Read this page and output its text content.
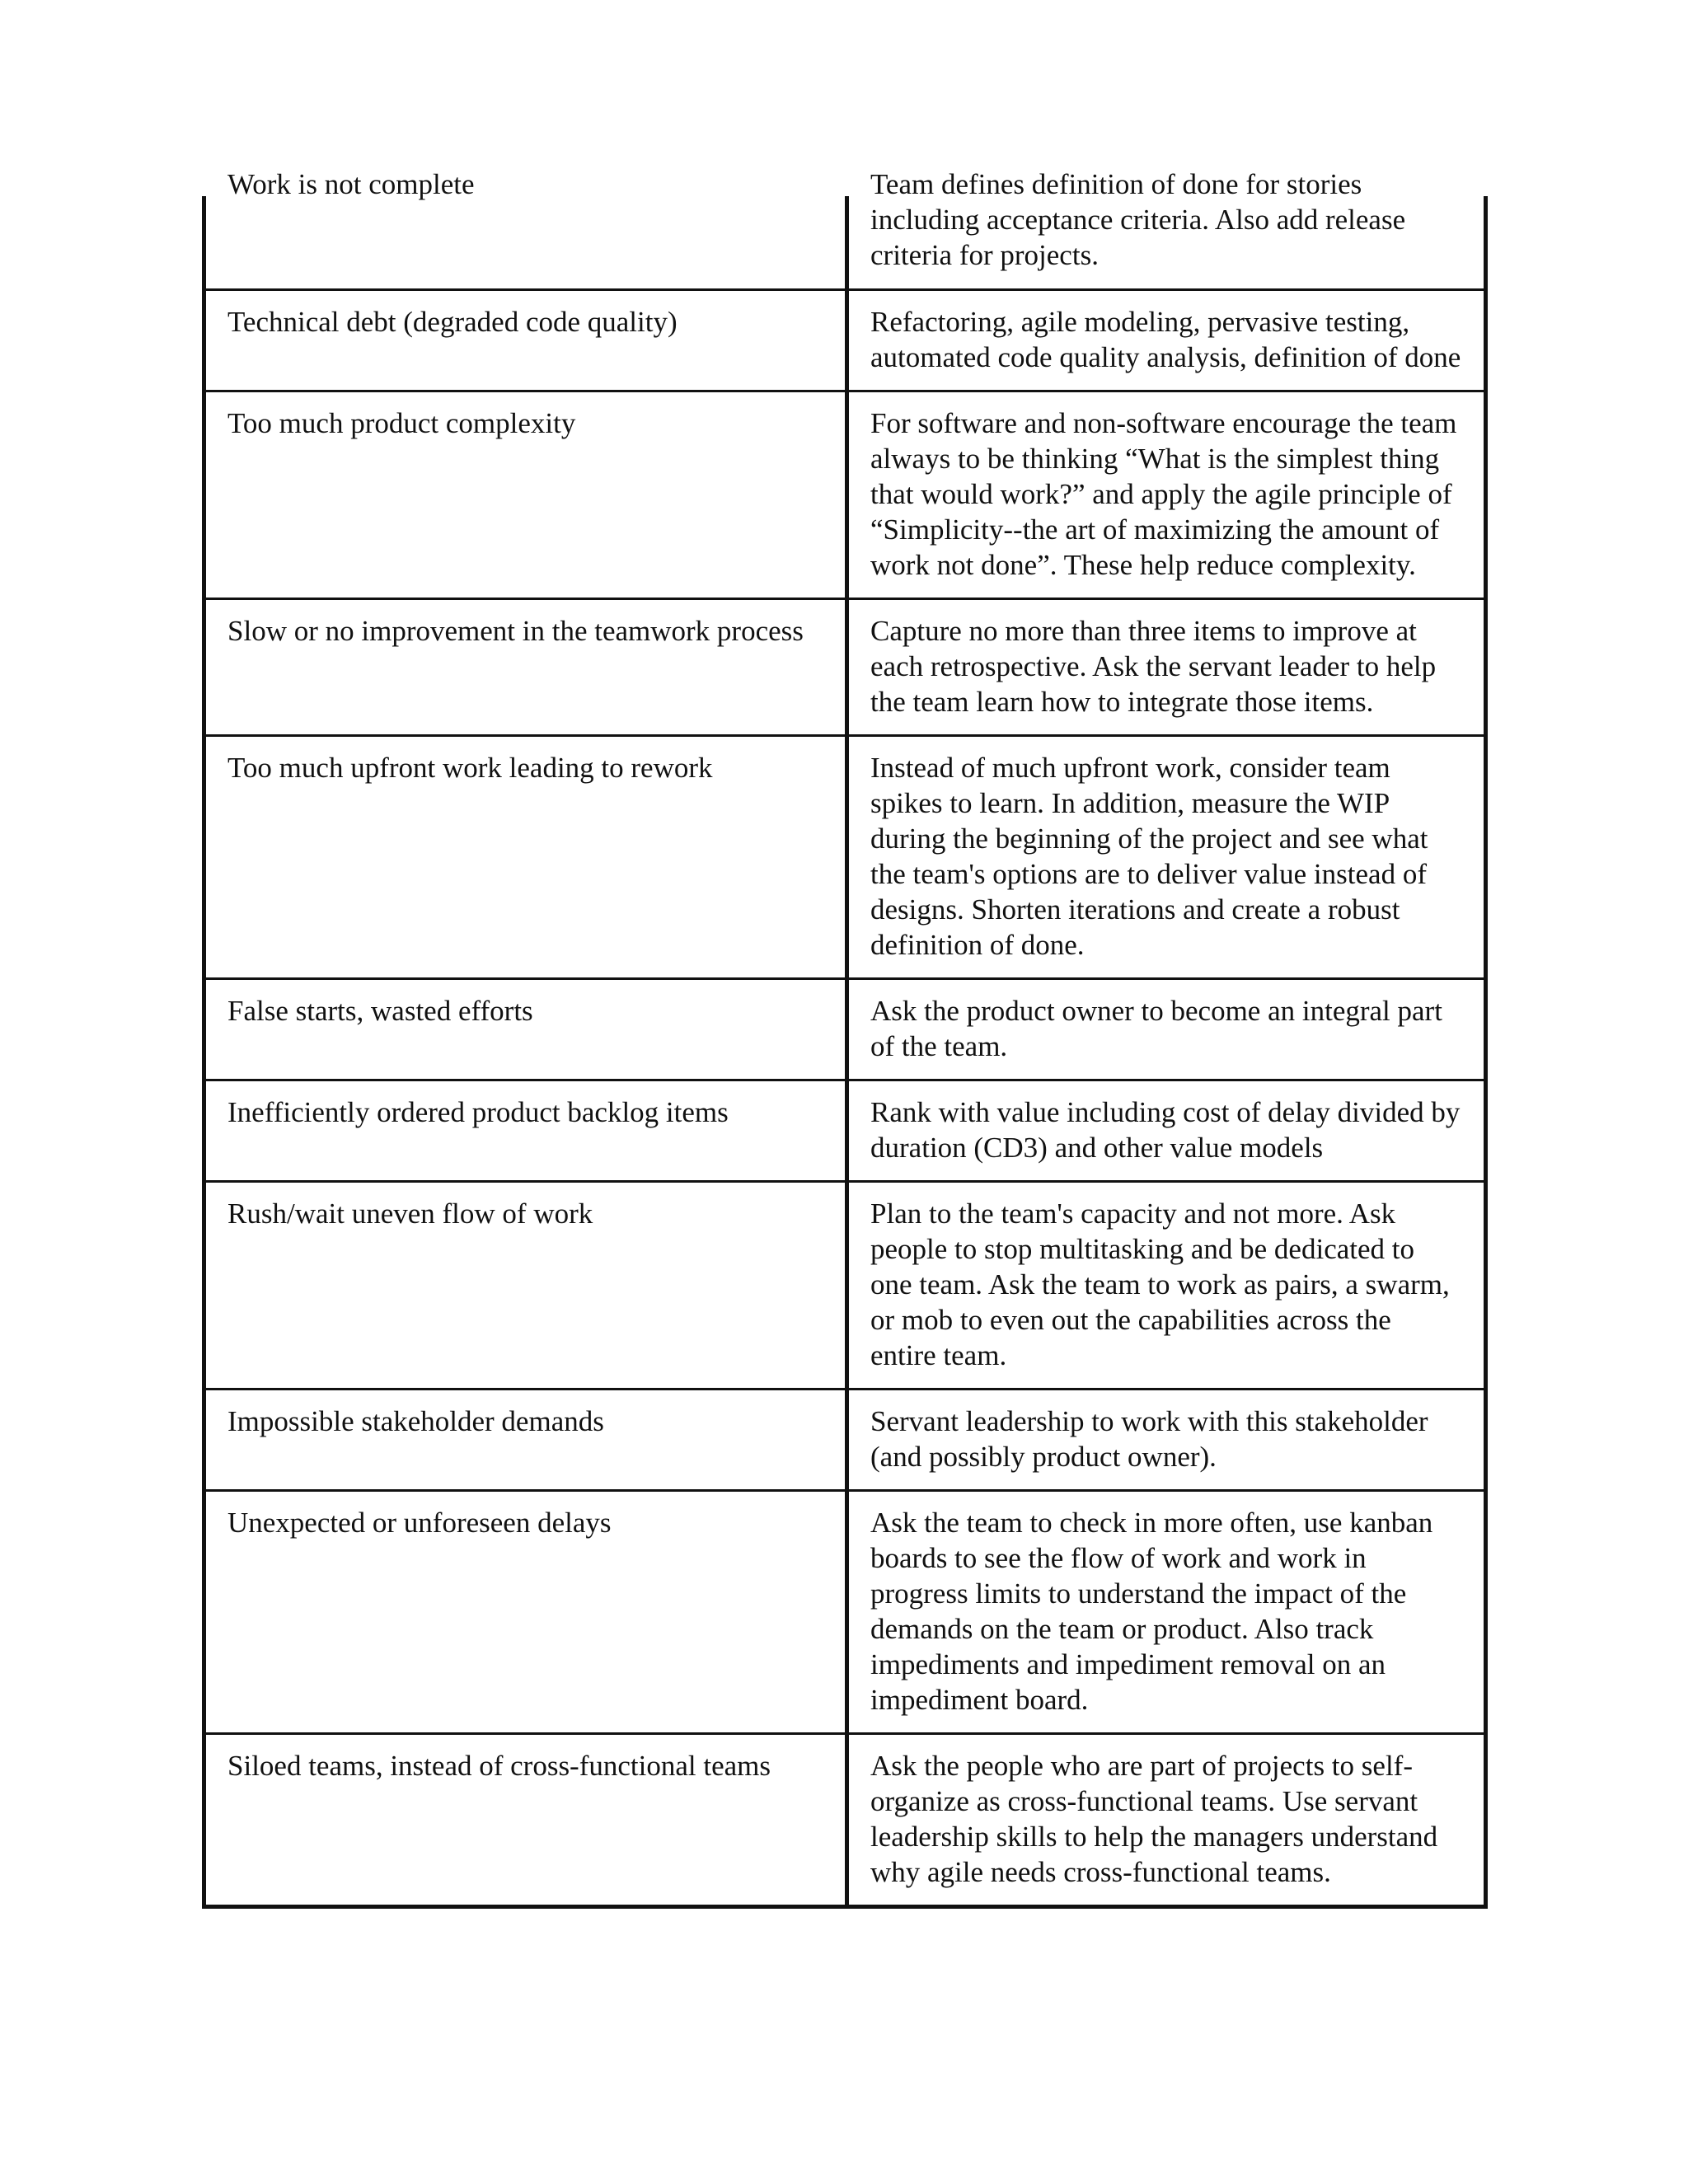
Work is not complete	Team defines definition of done for stories including acceptance criteria. Also add release criteria for projects.
Technical debt (degraded code quality)	Refactoring, agile modeling, pervasive testing, automated code quality analysis, definition of done
Too much product complexity	For software and non-software encourage the team always to be thinking “What is the simplest thing that would work?” and apply the agile principle of “Simplicity--the art of maximizing the amount of work not done”. These help reduce complexity.
Slow or no improvement in the teamwork process	Capture no more than three items to improve at each retrospective. Ask the servant leader to help the team learn how to integrate those items.
Too much upfront work leading to rework	Instead of much upfront work, consider team spikes to learn. In addition, measure the WIP during the beginning of the project and see what the team's options are to deliver value instead of designs. Shorten iterations and create a robust definition of done.
False starts, wasted efforts	Ask the product owner to become an integral part of the team.
Inefficiently ordered product backlog items	Rank with value including cost of delay divided by duration (CD3) and other value models
Rush/wait uneven flow of work	Plan to the team's capacity and not more. Ask people to stop multitasking and be dedicated to one team. Ask the team to work as pairs, a swarm, or mob to even out the capabilities across the entire team.
Impossible stakeholder demands	Servant leadership to work with this stakeholder (and possibly product owner).
Unexpected or unforeseen delays	Ask the team to check in more often, use kanban boards to see the flow of work and work in progress limits to understand the impact of the demands on the team or product. Also track impediments and impediment removal on an impediment board.
Siloed teams, instead of cross-functional teams	Ask the people who are part of projects to self-organize as cross-functional teams. Use servant leadership skills to help the managers understand why agile needs cross-functional teams.
